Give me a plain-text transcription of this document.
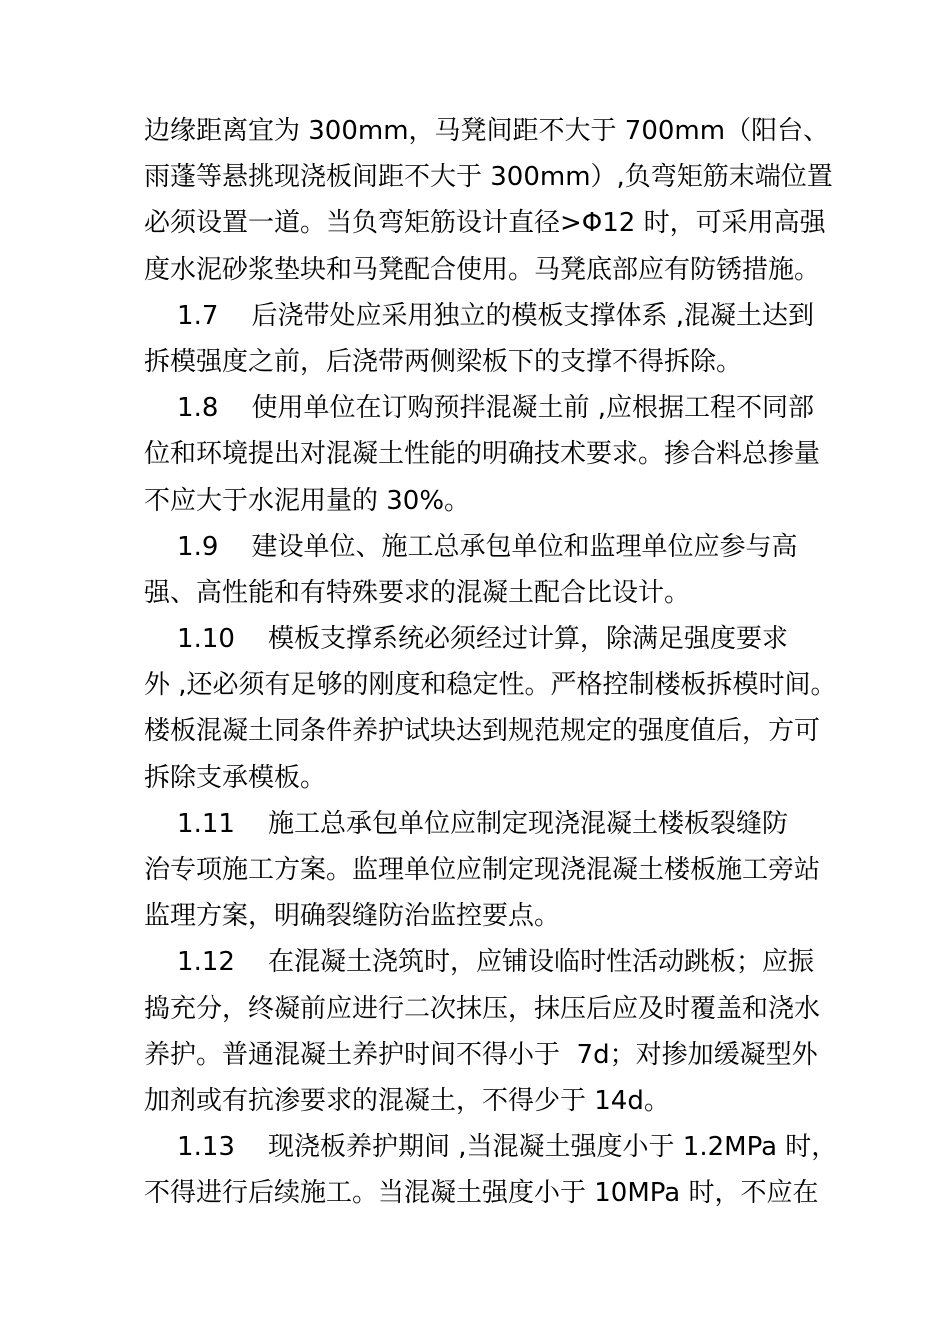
边缘距离宜为 300mm，马凳间距不大于 700mm（阳台、
雨蓬等悬挑现浇板间距不大于 300mm）,负弯矩筋末端位置
必须设置一道。当负弯矩筋设计直径>Φ12 时，可采用高强
度水泥砂浆垫块和马凳配合使用。马凳底部应有防锈措施。
1.7    后浇带处应采用独立的模板支撑体系 ,混凝土达到
拆模强度之前，后浇带两侧梁板下的支撑不得拆除。
1.8    使用单位在订购预拌混凝土前 ,应根据工程不同部
位和环境提出对混凝土性能的明确技术要求。掺合料总掺量
不应大于水泥用量的 30%。
1.9    建设单位、施工总承包单位和监理单位应参与高
强、高性能和有特殊要求的混凝土配合比设计。
1.10    模板支撑系统必须经过计算，除满足强度要求
外 ,还必须有足够的刚度和稳定性。严格控制楼板拆模时间。
楼板混凝土同条件养护试块达到规范规定的强度值后，方可
拆除支承模板。
1.11    施工总承包单位应制定现浇混凝土楼板裂缝防
治专项施工方案。监理单位应制定现浇混凝土楼板施工旁站
监理方案，明确裂缝防治监控要点。
1.12    在混凝土浇筑时，应铺设临时性活动跳板；应振
捣充分，终凝前应进行二次抹压，抹压后应及时覆盖和浇水
养护。普通混凝土养护时间不得小于  7d；对掺加缓凝型外
加剂或有抗渗要求的混凝土，不得少于 14d。
1.13    现浇板养护期间 ,当混凝土强度小于 1.2MPa 时，
不得进行后续施工。当混凝土强度小于 10MPa 时，不应在
